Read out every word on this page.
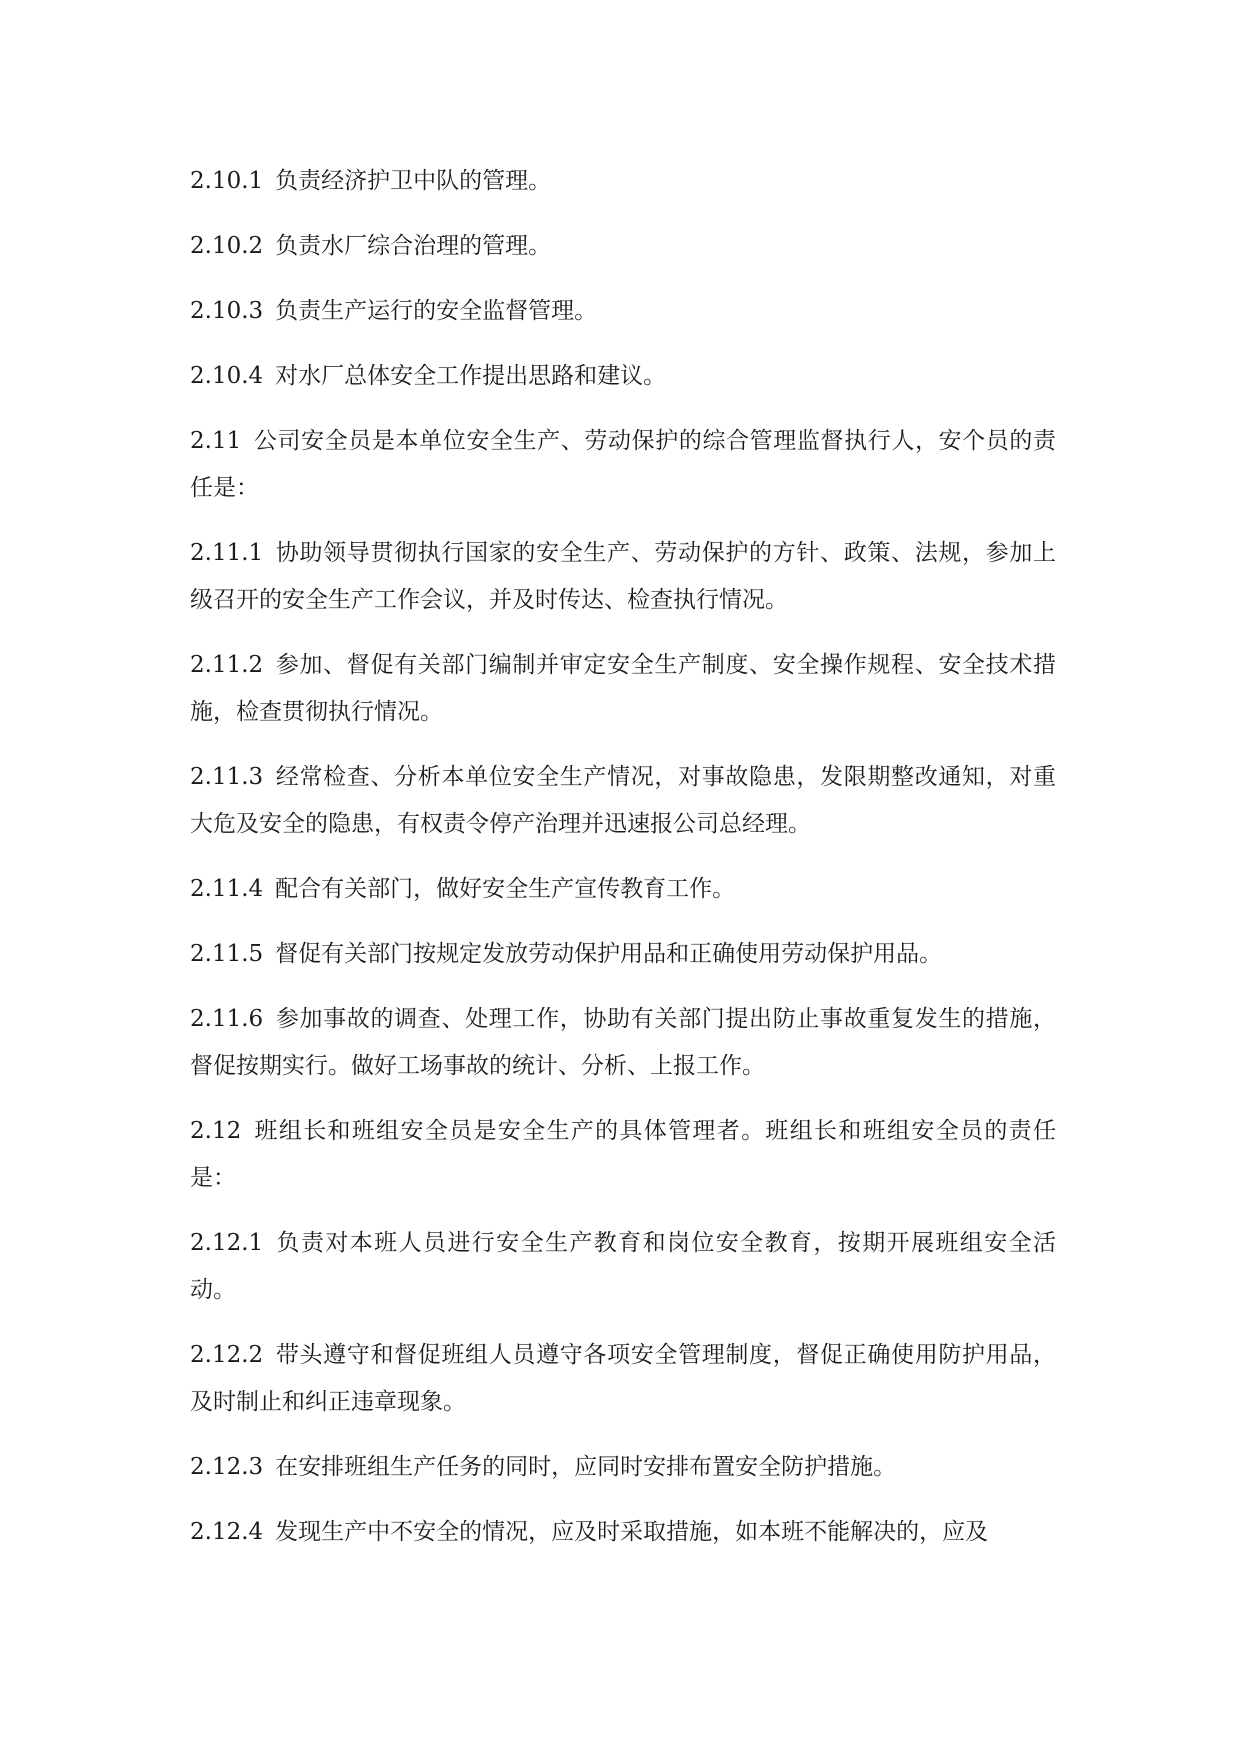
2.10.1 负责经济护卫中队的管理。

2.10.2 负责水厂综合治理的管理。

2.10.3 负责生产运行的安全监督管理。

2.10.4 对水厂总体安全工作提出思路和建议。

2.11 公司安全员是本单位安全生产、劳动保护的综合管理监督执行人，安个员的责任是：

2.11.1 协助领导贯彻执行国家的安全生产、劳动保护的方针、政策、法规，参加上级召开的安全生产工作会议，并及时传达、检查执行情况。

2.11.2 参加、督促有关部门编制并审定安全生产制度、安全操作规程、安全技术措施，检查贯彻执行情况。

2.11.3 经常检查、分析本单位安全生产情况，对事故隐患，发限期整改通知，对重大危及安全的隐患，有权责令停产治理并迅速报公司总经理。

2.11.4 配合有关部门，做好安全生产宣传教育工作。

2.11.5 督促有关部门按规定发放劳动保护用品和正确使用劳动保护用品。

2.11.6 参加事故的调查、处理工作，协助有关部门提出防止事故重复发生的措施，督促按期实行。做好工场事故的统计、分析、上报工作。

2.12 班组长和班组安全员是安全生产的具体管理者。班组长和班组安全员的责任是：

2.12.1 负责对本班人员进行安全生产教育和岗位安全教育，按期开展班组安全活动。

2.12.2 带头遵守和督促班组人员遵守各项安全管理制度，督促正确使用防护用品，及时制止和纠正违章现象。

2.12.3 在安排班组生产任务的同时，应同时安排布置安全防护措施。

2.12.4 发现生产中不安全的情况，应及时采取措施，如本班不能解决的，应及
